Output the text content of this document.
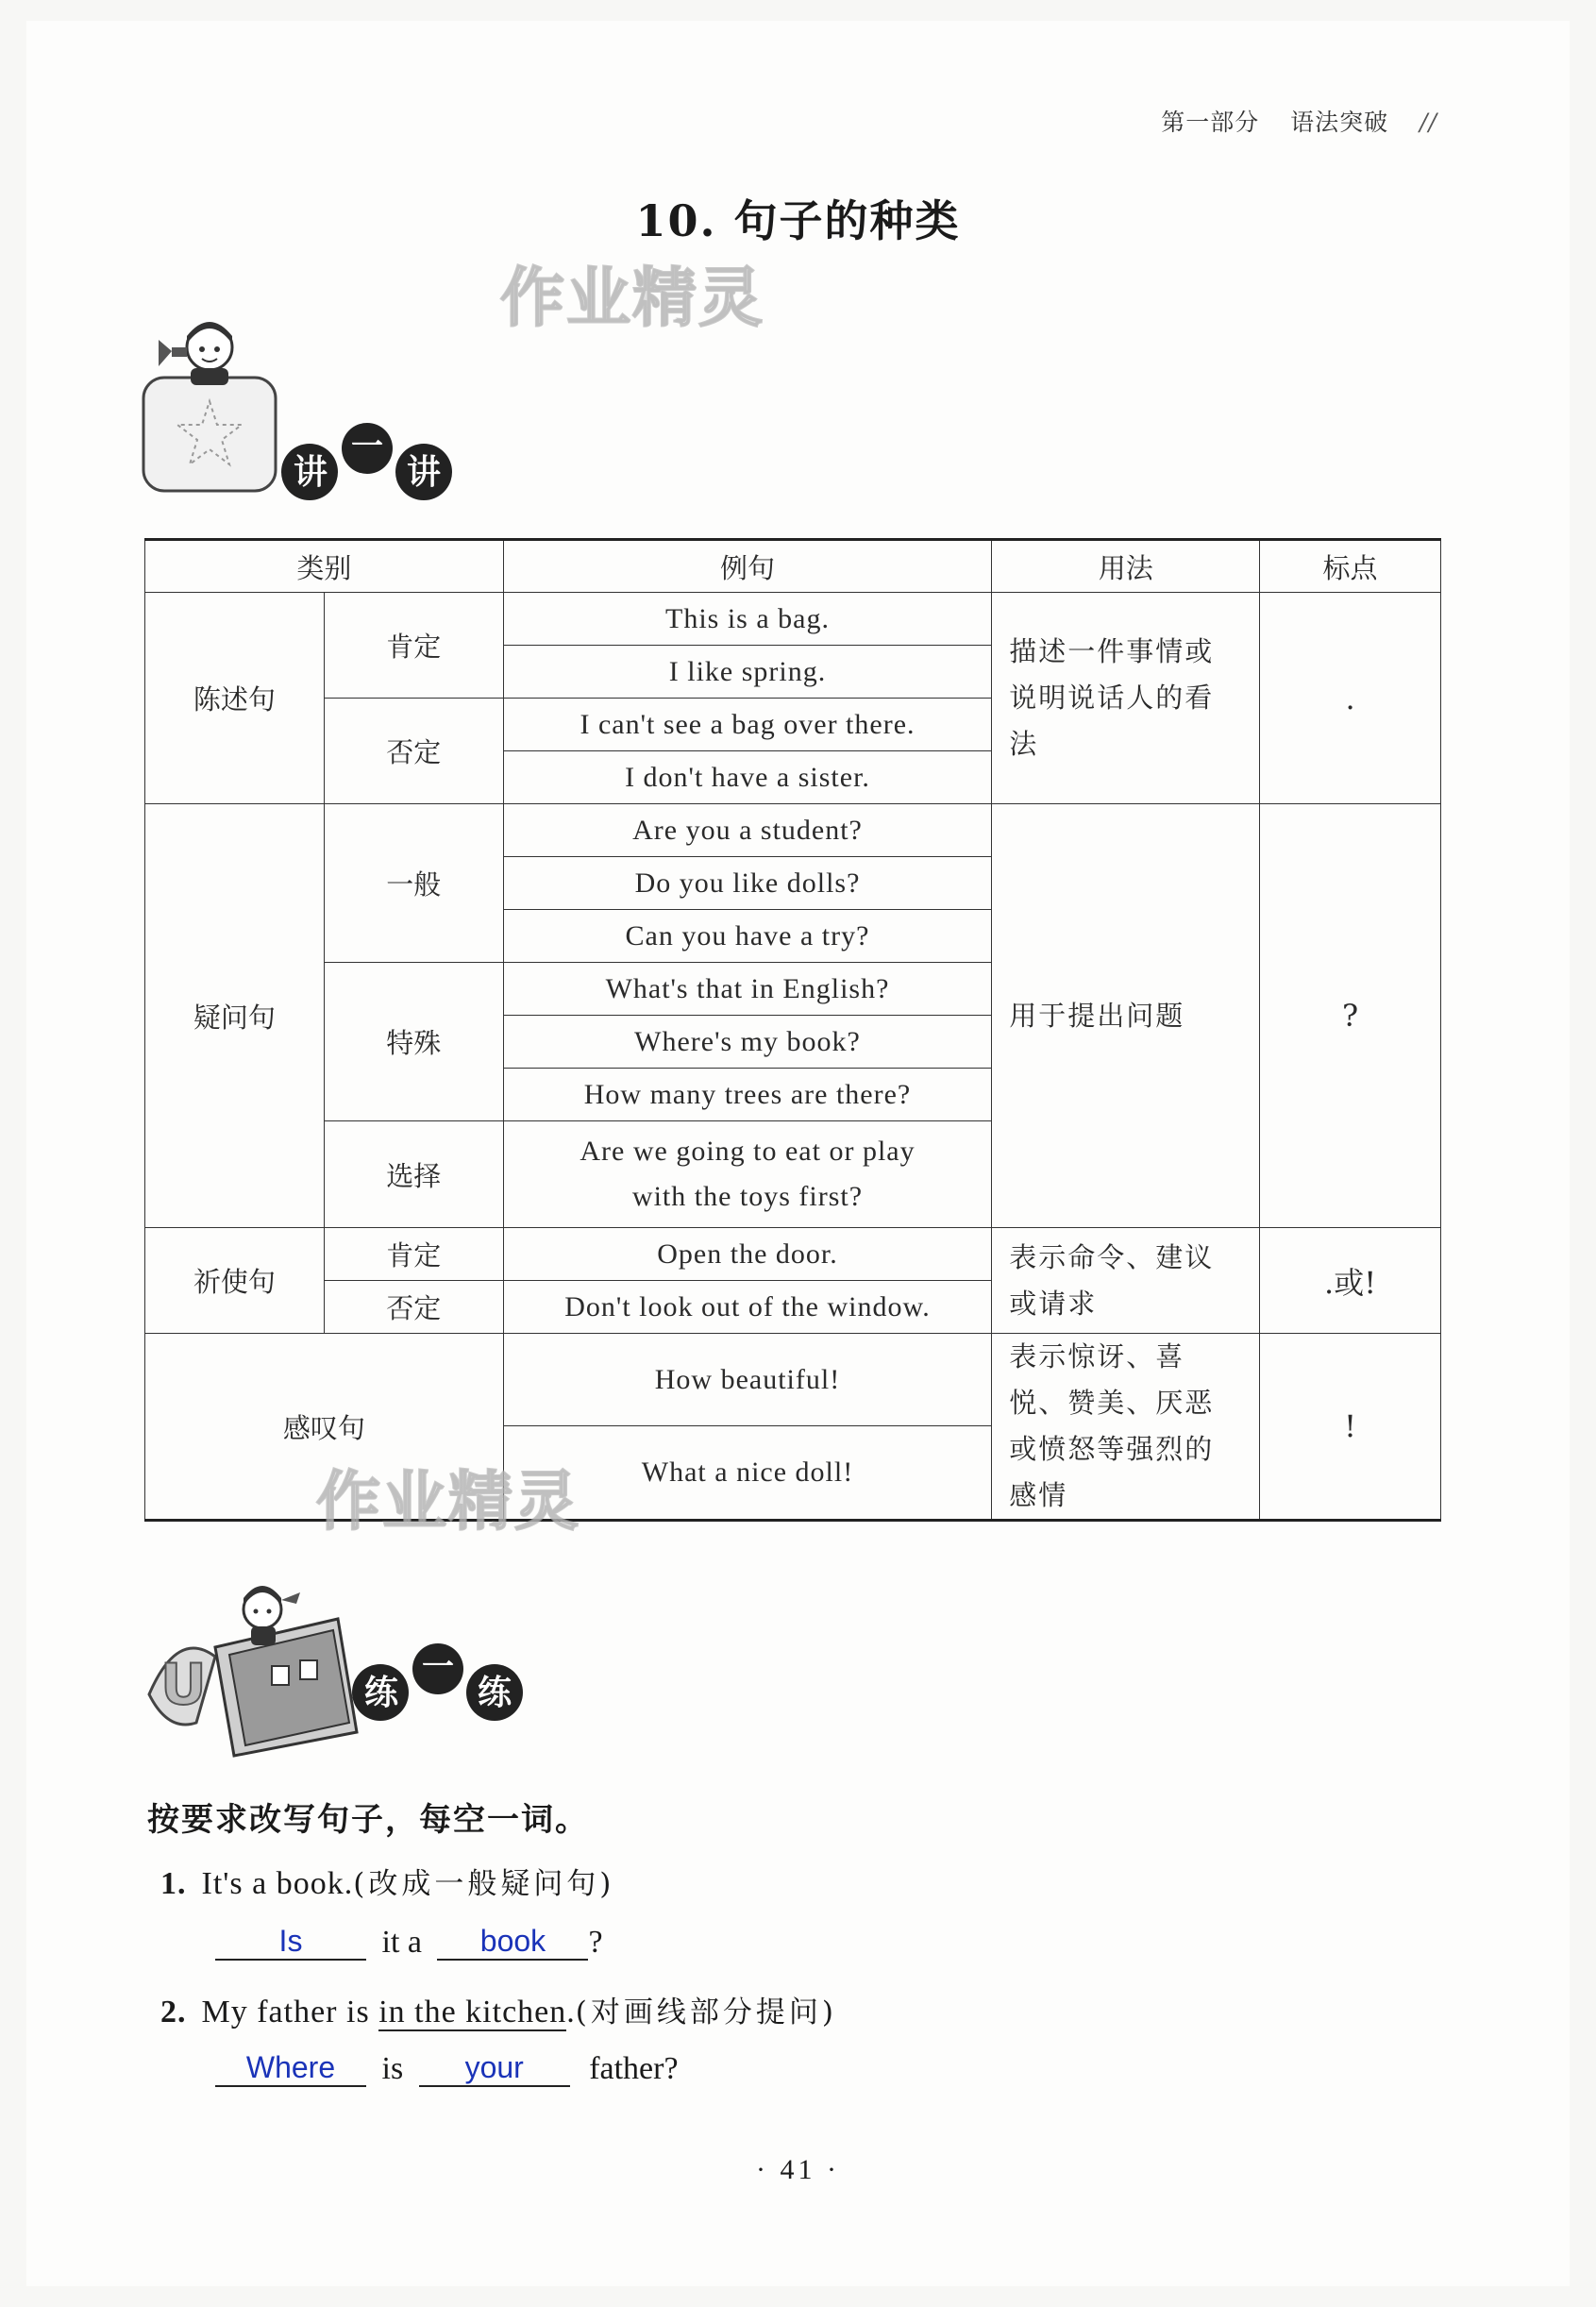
第一部分 语法突破 //
10. 句子的种类
作业精灵
讲
一
讲
类别		例句	用法	标点
陈述句	肯定	This is a bag.	描述一件事情或说明说话人的看法	.
		I like spring.		
	否定	I can't see a bag over there.		
		I don't have a sister.		
疑问句	一般	Are you a student?	用于提出问题	?
		Do you like dolls?		
		Can you have a try?		
	特殊	What's that in English?		
		Where's my book?		
		How many trees are there?		
	选择	Are we going to eat or play
with the toys first?		

祈使句	肯定	Open the door.	表示命令、建议或请求	.或!
	否定	Don't look out of the window.		
感叹句		How beautiful!	表示惊讶、喜悦、赞美、厌恶或愤怒等强烈的感情	!
		What a nice doll!		
作业精灵
U	练
一
练
按要求改写句子，每空一词。
1. It's a book.(改成一般疑问句)
Is it a book ?
2. My father is in the kitchen.(对画线部分提问)
Where is your father?
· 41 ·
